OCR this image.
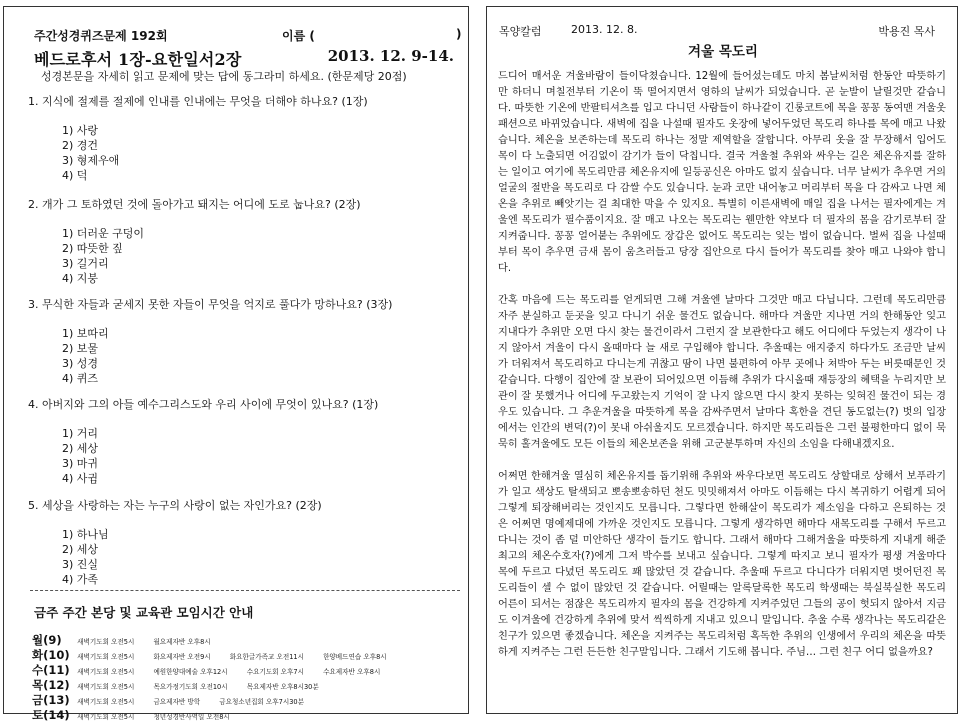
주간성경퀴즈문제 192회	이름 (	)
베드로후서 1장-요한일서2장	2013. 12. 9-14.
성경본문을 자세히 읽고 문제에 맞는 답에 동그라미 하세요. (한문제당 20점)
1. 지식에 절제를 절제에 인내를 인내에는 무엇을 더해야 하나요? (1장)
1) 사랑
2) 경건
3) 형제우애
4) 덕
2. 개가 그 토하였던 것에 돌아가고 돼지는 어디에 도로 눕나요? (2장)
1) 더러운 구덩이
2) 따뜻한 짚
3) 길거리
4) 지붕
3. 무식한 자들과 굳세지 못한 자들이 무엇을 억지로 풀다가 망하나요? (3장)
1) 보따리
2) 보물
3) 성경
4) 퀴즈
4. 아버지와 그의 아들 예수그리스도와 우리 사이에 무엇이 있나요? (1장)
1) 거리
2) 세상
3) 마귀
4) 사귐
5. 세상을 사랑하는 자는 누구의 사랑이 없는 자인가요? (2장)
1) 하나님
2) 세상
3) 진실
4) 가족
금주 주간 본당 및 교육관 모임시간 안내
월(9) 새벽기도회 오전5시	월요제자반 오후8시
화(10) 새벽기도회 오전5시	화요제자반 오전9시	화요한글가족교 오전11시	한양베드연습 오후8시
수(11) 새벽기도회 오전5시	예원한양대예술 오후12시	수요기도회 오후7시	수요제자반 오후8시
목(12) 새벽기도회 오전5시	목요가정기도회 오전10시	목요제자반 오후8시30분
금(13) 새벽기도회 오전5시	금요제자반 방학	금요청소년집회 오후7시30분
토(14) 새벽기도회 오전5시	청년성경반사역일 오전8시
목양칼럼	2013. 12. 8.	박용진 목사
겨울 목도리

드디어 매서운 겨울바람이 들이닥쳤습니다. 12월에 들어섰는데도 마치 봄날씨처럼 한동안 따뜻하기만 하더니 며칠전부터 기온이 뚝 떨어지면서 영하의 날씨가 되었습니다. 곧 눈발이 날릴것만 같습니다. 따뜻한 기온에 반팔티셔츠를 입고 다니던 사람들이 하나같이 긴롱코트에 목을 꽁꽁 동여맨 겨울옷 패션으로 바뀌었습니다. 새벽에 집을 나설때 필자도 옷장에 넣어두었던 목도리 하나를 목에 매고 나왔습니다. 체온을 보존하는데 목도리 하나는 정말 제역할을 잘합니다. 아무리 옷을 잘 무장해서 입어도 목이 다 노출되면 어김없이 감기가 들이 닥칩니다. 결국 겨울철 추위와 싸우는 길은 체온유지를 잘하는 일이고 여기에 목도리만큼 체온유지에 일등공신은 아마도 없지 싶습니다. 너무 날씨가 추우면 거의 얼굴의 절반을 목도리로 다 감쌀 수도 있습니다. 눈과 코만 내어놓고 머리부터 목을 다 감싸고 나면 체온을 추위로 빼앗기는 걸 최대한 막을 수 있지요. 특별히 이른새벽에 매일 집을 나서는 필자에게는 겨울엔 목도리가 필수품이지요. 잘 매고 나오는 목도리는 웬만한 약보다 더 필자의 몸을 감기로부터 잘 지켜줍니다. 꽁꽁 얼어붙는 추위에도 장갑은 없어도 목도리는 잊는 법이 없습니다. 벌써 집을 나설때부터 목이 추우면 금새 몸이 움츠러들고 당장 집안으로 다시 들어가 목도리를 찾아 매고 나와야 합니다.

간혹 마음에 드는 목도리를 얻게되면 그해 겨울엔 날마다 그것만 매고 다닙니다. 그런데 목도리만큼 자주 분실하고 둔곳을 잊고 다니기 쉬운 물건도 없습니다. 해마다 겨울만 지나면 거의 한해동안 잊고 지내다가 추위만 오면 다시 찾는 물건이라서 그런지 잘 보관한다고 해도 어디에다 두었는지 생각이 나지 않아서 겨울이 다시 올때마다 늘 새로 구입해야 합니다. 추울때는 애지중지 하다가도 조금만 날씨가 더워져서 목도리하고 다니는게 귀찮고 땀이 나면 불편하여 아무 곳에나 쳐박아 두는 버릇때문인 것 같습니다. 다행이 집안에 잘 보관이 되어있으면 이듬해 추위가 다시올때 재등장의 혜택을 누리지만 보관이 잘 못했거나 어디에 두고왔는지 기억이 잘 나지 않으면 다시 찾지 못하는 잊혀진 물건이 되는 경우도 있습니다. 그 추운겨울을 따뜻하게 목을 감싸주면서 날마다 혹한을 견딘 동도없는(?) 벗의 입장에서는 인간의 변덕(?)이 못내 아쉬울지도 모르겠습니다. 하지만 목도리들은 그런 불평한마디 없이 묵묵히 홀겨울에도 모든 이들의 체온보존을 위해 고군분투하며 자신의 소임을 다해내겠지요.

어쩌면 한해겨울 열심히 체온유지를 돕기위해 추위와 싸우다보면 목도리도 상할대로 상해서 보푸라기가 일고 색상도 탈색되고 뽀송뽀송하던 천도 밋밋해져서 아마도 이듬해는 다시 복귀하기 어렵게 되어 그렇게 퇴장해버리는 것인지도 모릅니다. 그렇다면 한해살이 목도리가 제소임을 다하고 은퇴하는 것은 어쩌면 명예제대에 가까운 것인지도 모릅니다. 그렇게 생각하면 해마다 새목도리를 구해서 두르고 다니는 것이 좀 덜 미안하단 생각이 들기도 합니다. 그래서 해마다 그해겨울을 따뜻하게 지내게 해준 최고의 체온수호자(?)에게 그저 박수를 보내고 싶습니다. 그렇게 따지고 보니 필자가 평생 겨울마다 목에 두르고 다녔던 목도리도 꽤 많았던 것 같습니다. 추울때 두르고 다니다가 더워지면 벗어던진 목도리들이 셀 수 없이 많았던 것 같습니다. 어릴때는 알록달록한 목도리 학생때는 북실북실한 목도리 어른이 되서는 점잖은 목도리까지 필자의 몸을 건강하게 지켜주었던 그들의 공이 헛되지 않아서 지금도 이겨울에 건강하게 추위에 맞서 씩씩하게 지내고 있으니 말입니다. 추울 수록 생각나는 목도리같은 친구가 있으면 좋겠습니다. 체온을 지켜주는 목도리처럼 혹독한 추위의 인생에서 우리의 체온을 따뜻하게 지켜주는 그런 든든한 친구말입니다. 그래서 기도해 봅니다. 주님… 그런 친구 어디 없을까요?
